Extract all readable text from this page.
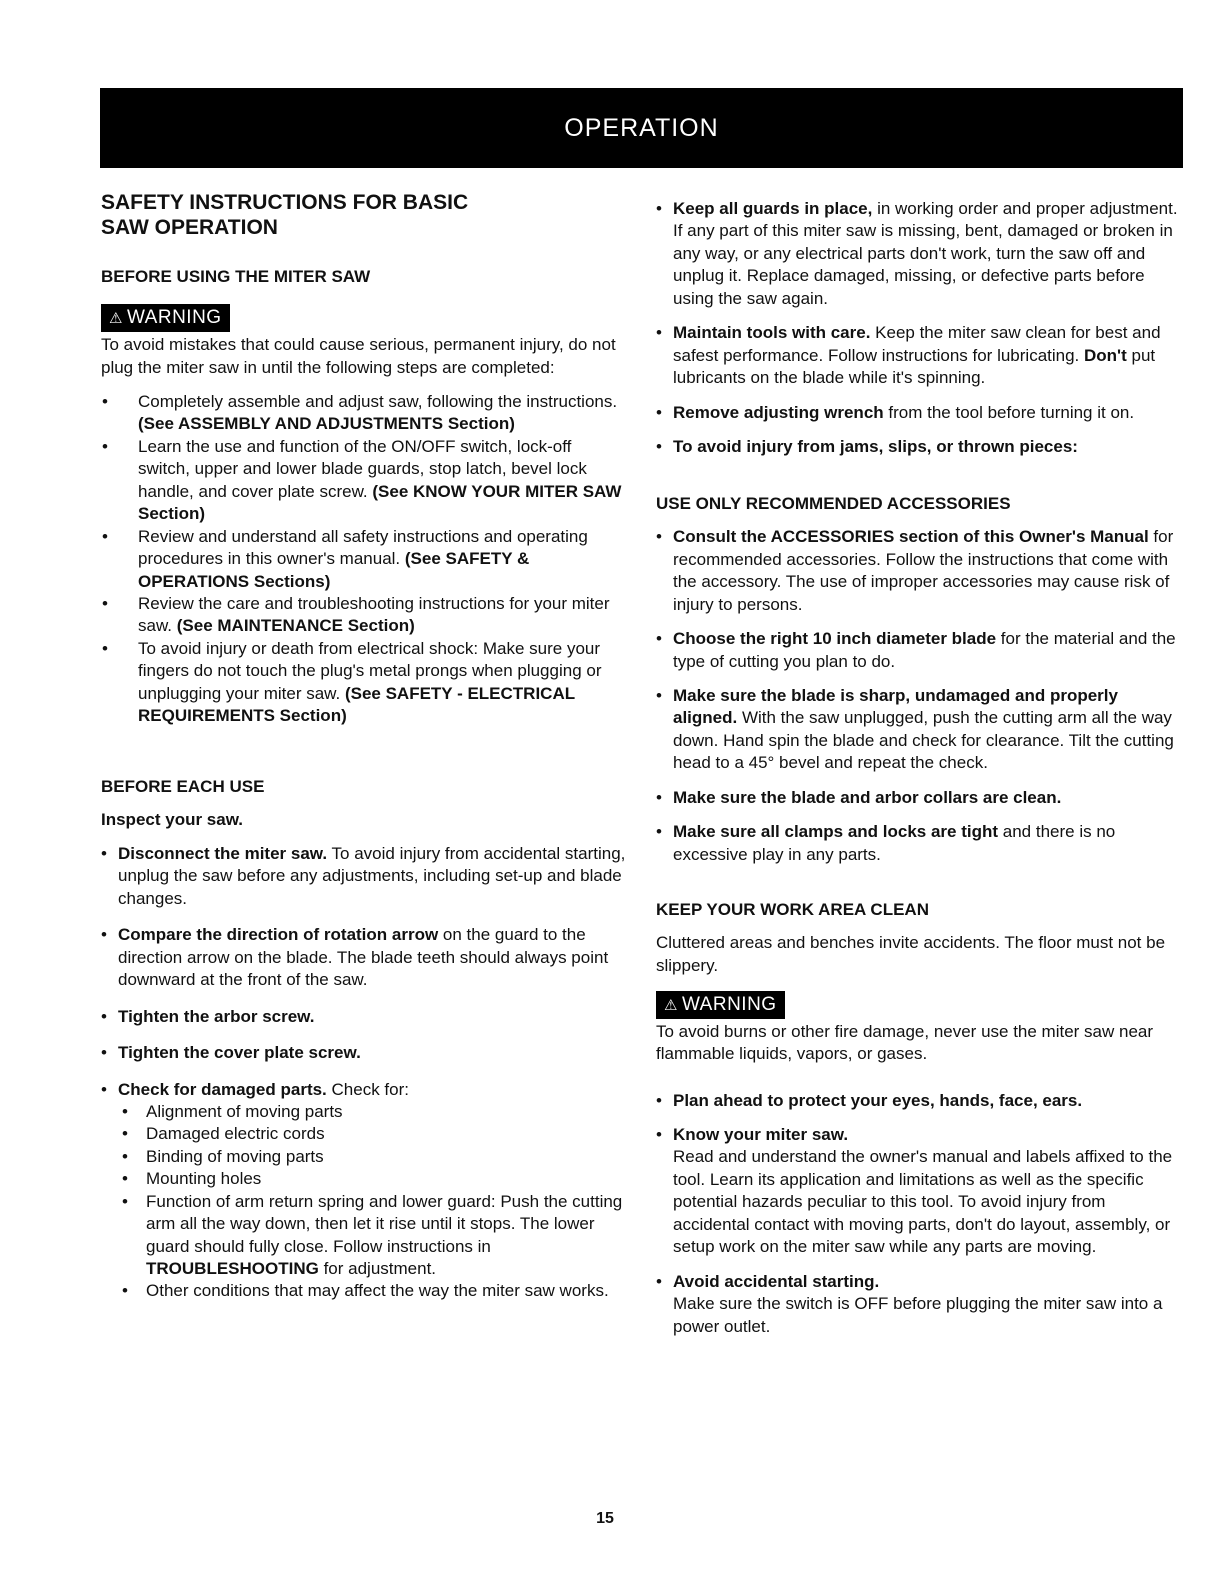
OPERATION
SAFETY INSTRUCTIONS FOR BASIC
SAW OPERATION
BEFORE USING THE MITER SAW
⚠ WARNING

To avoid mistakes that could cause serious, permanent injury, do not plug the miter saw in until the following steps are completed:

• Completely assemble and adjust saw, following the instructions. (See ASSEMBLY AND ADJUSTMENTS Section)
• Learn the use and function of the ON/OFF switch, lock-off switch, upper and lower blade guards, stop latch, bevel lock handle, and cover plate screw. (See KNOW YOUR MITER SAW Section)
• Review and understand all safety instructions and operating procedures in this owner's manual. (See SAFETY & OPERATIONS Sections)
• Review the care and troubleshooting instructions for your miter saw. (See MAINTENANCE Section)
• To avoid injury or death from electrical shock: Make sure your fingers do not touch the plug's metal prongs when plugging or unplugging your miter saw. (See SAFETY - ELECTRICAL REQUIREMENTS Section)
BEFORE EACH USE

Inspect your saw.

• Disconnect the miter saw. To avoid injury from accidental starting, unplug the saw before any adjustments, including set-up and blade changes.
• Compare the direction of rotation arrow on the guard to the direction arrow on the blade. The blade teeth should always point downward at the front of the saw.
• Tighten the arbor screw.
• Tighten the cover plate screw.
• Check for damaged parts. Check for:
• Alignment of moving parts
• Damaged electric cords
• Binding of moving parts
• Mounting holes
• Function of arm return spring and lower guard: Push the cutting arm all the way down, then let it rise until it stops. The lower guard should fully close. Follow instructions in TROUBLESHOOTING for adjustment.
• Other conditions that may affect the way the miter saw works.
• Keep all guards in place, in working order and proper adjustment.

If any part of this miter saw is missing, bent, damaged or broken in any way, or any electrical parts don't work, turn the saw off and unplug it. Replace damaged, missing, or defective parts before using the saw again.

• Maintain tools with care. Keep the miter saw clean for best and safest performance. Follow instructions for lubricating. Don't put lubricants on the blade while it's spinning.
• Remove adjusting wrench from the tool before turning it on.
• To avoid injury from jams, slips, or thrown pieces:
USE ONLY RECOMMENDED ACCESSORIES
• Consult the ACCESSORIES section of this Owner's Manual for recommended accessories. Follow the instructions that come with the accessory. The use of improper accessories may cause risk of injury to persons.
• Choose the right 10 inch diameter blade for the material and the type of cutting you plan to do.
• Make sure the blade is sharp, undamaged and properly aligned. With the saw unplugged, push the cutting arm all the way down. Hand spin the blade and check for clearance. Tilt the cutting head to a 45° bevel and repeat the check.
• Make sure the blade and arbor collars are clean.
• Make sure all clamps and locks are tight and there is no excessive play in any parts.
KEEP YOUR WORK AREA CLEAN

Cluttered areas and benches invite accidents. The floor must not be slippery.

⚠ WARNING

To avoid burns or other fire damage, never use the miter saw near flammable liquids, vapors, or gases.

• Plan ahead to protect your eyes, hands, face, ears.
• Know your miter saw.

Read and understand the owner's manual and labels affixed to the tool. Learn its application and limitations as well as the specific potential hazards peculiar to this tool. To avoid injury from accidental contact with moving parts, don't do layout, assembly, or setup work on the miter saw while any parts are moving.

• Avoid accidental starting.

Make sure the switch is OFF before plugging the miter saw into a power outlet.

15
